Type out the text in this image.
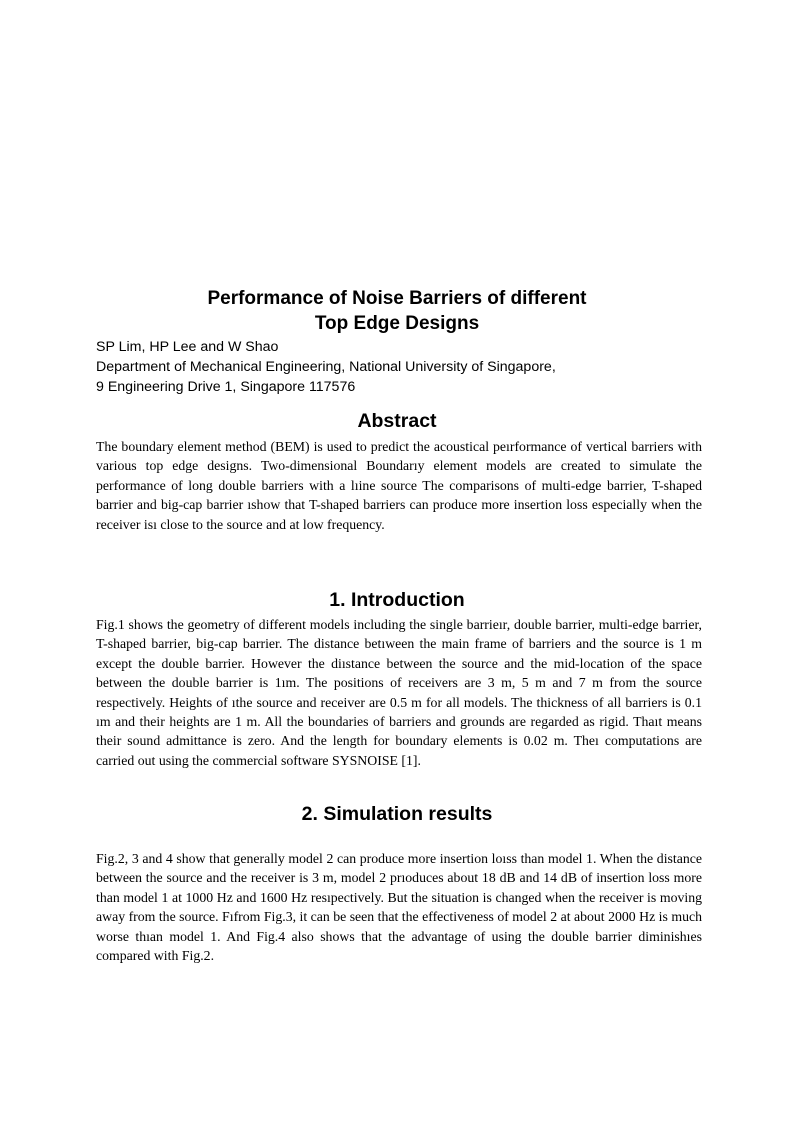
Performance of Noise Barriers of different
Top Edge Designs
SP Lim, HP Lee and W Shao
Department of Mechanical Engineering, National University of Singapore,
9 Engineering Drive 1, Singapore 117576
Abstract

The boundary element method (BEM) is used to predict the acoustical peırformance of vertical barriers with various top edge designs. Two-dimensional Boundarıy element models are created to simulate the performance of long double barriers with a lıine source The comparisons of multi-edge barrier, T-shaped barrier and big-cap barrier ıshow that T-shaped barriers can produce more insertion loss especially when the receiver isı close to the source and at low frequency.

1. Introduction

Fig.1 shows the geometry of different models including the single barrieır, double barrier, multi-edge barrier, T-shaped barrier, big-cap barrier. The distance betıween the main frame of barriers and the source is 1 m except the double barrier. However the diıstance between the source and the mid-location of the space between the double barrier is 1ım. The positions of receivers are 3 m, 5 m and 7 m from the source respectively. Heights of ıthe source and receiver are 0.5 m for all models. The thickness of all barriers is 0.1 ım and their heights are 1 m. All the boundaries of barriers and grounds are regarded as rigid. Thaıt means their sound admittance is zero. And the length for boundary elements is 0.02 m. Theı computations are carried out using the commercial software SYSNOISE [1].

2. Simulation results

Fig.2, 3 and 4 show that generally model 2 can produce more insertion loıss than model 1. When the distance between the source and the receiver is 3 m, model 2 prıoduces about 18 dB and 14 dB of insertion loss more than model 1 at 1000 Hz and 1600 Hz resıpectively. But the situation is changed when the receiver is moving away from the source. Fıfrom Fig.3, it can be seen that the effectiveness of model 2 at about 2000 Hz is much worse thıan model 1. And Fig.4 also shows that the advantage of using the double barrier diminishıes compared with Fig.2.
